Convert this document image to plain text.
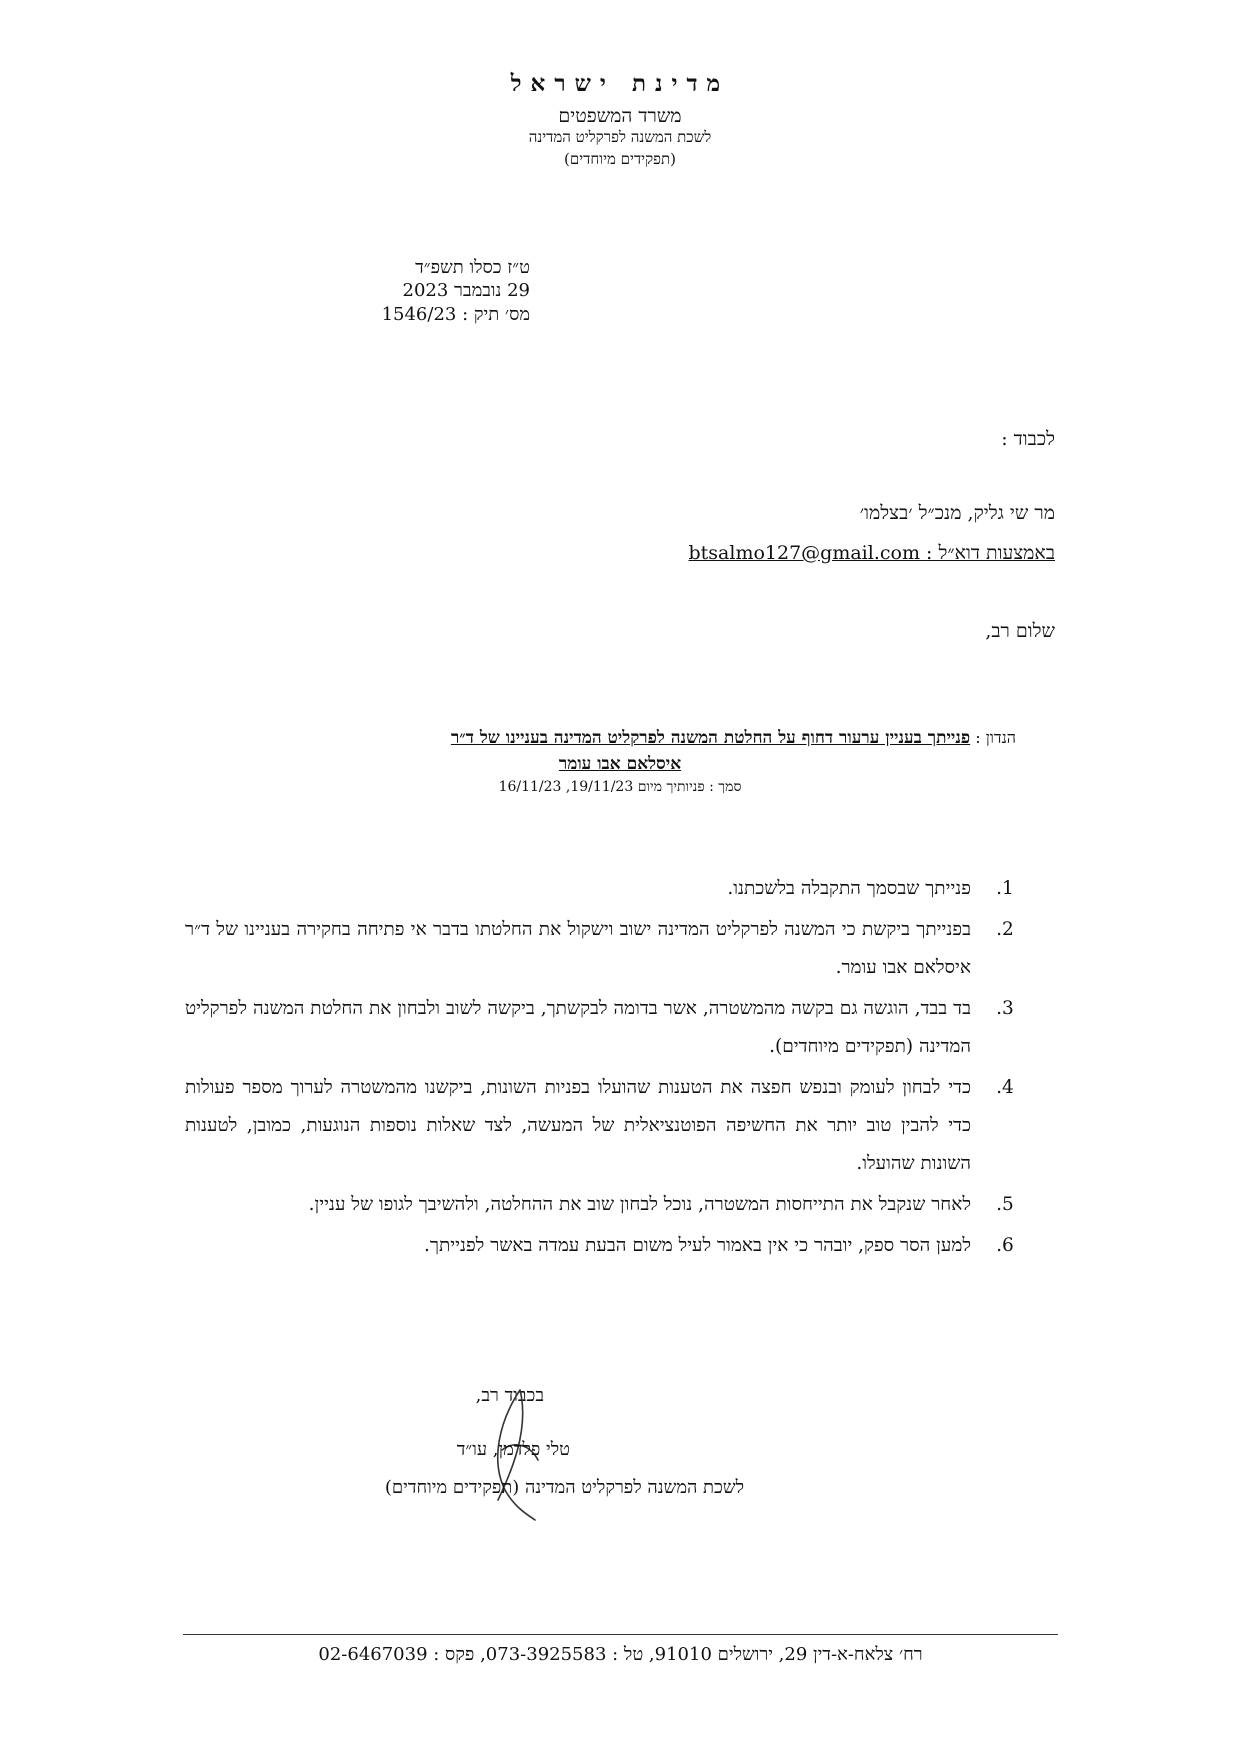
מדינת ישראל
משרד המשפטים
לשכת המשנה לפרקליט המדינה
(תפקידים מיוחדים)
ט״ז כסלו תשפ״ד
29 נובמבר 2023
מס׳ תיק : 1546/23
לכבוד :
מר שי גליק, מנכ״ל ׳בצלמו׳
באמצעות דוא״ל : btsalmo127@gmail.com
שלום רב,
הנדון : פנייתך בעניין ערעור דחוף על החלטת המשנה לפרקליט המדינה בעניינו של ד״ר
איסלאם אבו עומר
סמך : פניותיך מיום 19/11/23, 16/11/23
1.
פנייתך שבסמך התקבלה בלשכתנו.
2.
בפנייתך ביקשת כי המשנה לפרקליט המדינה ישוב וישקול את החלטתו בדבר אי פתיחה בחקירה בעניינו של ד״ר איסלאם אבו עומר.
3.
בד בבד, הוגשה גם בקשה מהמשטרה, אשר בדומה לבקשתך, ביקשה לשוב ולבחון את החלטת המשנה לפרקליט המדינה (תפקידים מיוחדים).
4.
כדי לבחון לעומק ובנפש חפצה את הטענות שהועלו בפניות השונות, ביקשנו מהמשטרה לערוך מספר פעולות כדי להבין טוב יותר את החשיפה הפוטנציאלית של המעשה, לצד שאלות נוספות הנוגעות, כמובן, לטענות השונות שהועלו.
5.
לאחר שנקבל את התייחסות המשטרה, נוכל לבחון שוב את ההחלטה, ולהשיבך לגופו של עניין.
6.
למען הסר ספק, יובהר כי אין באמור לעיל משום הבעת עמדה באשר לפנייתך.
בכבוד רב,
טלי פלדמן, עו״ד
לשכת המשנה לפרקליט המדינה (תפקידים מיוחדים)
רח׳ צלאח-א-דין 29, ירושלים 91010, טל : 073-3925583, פקס : 02-6467039
